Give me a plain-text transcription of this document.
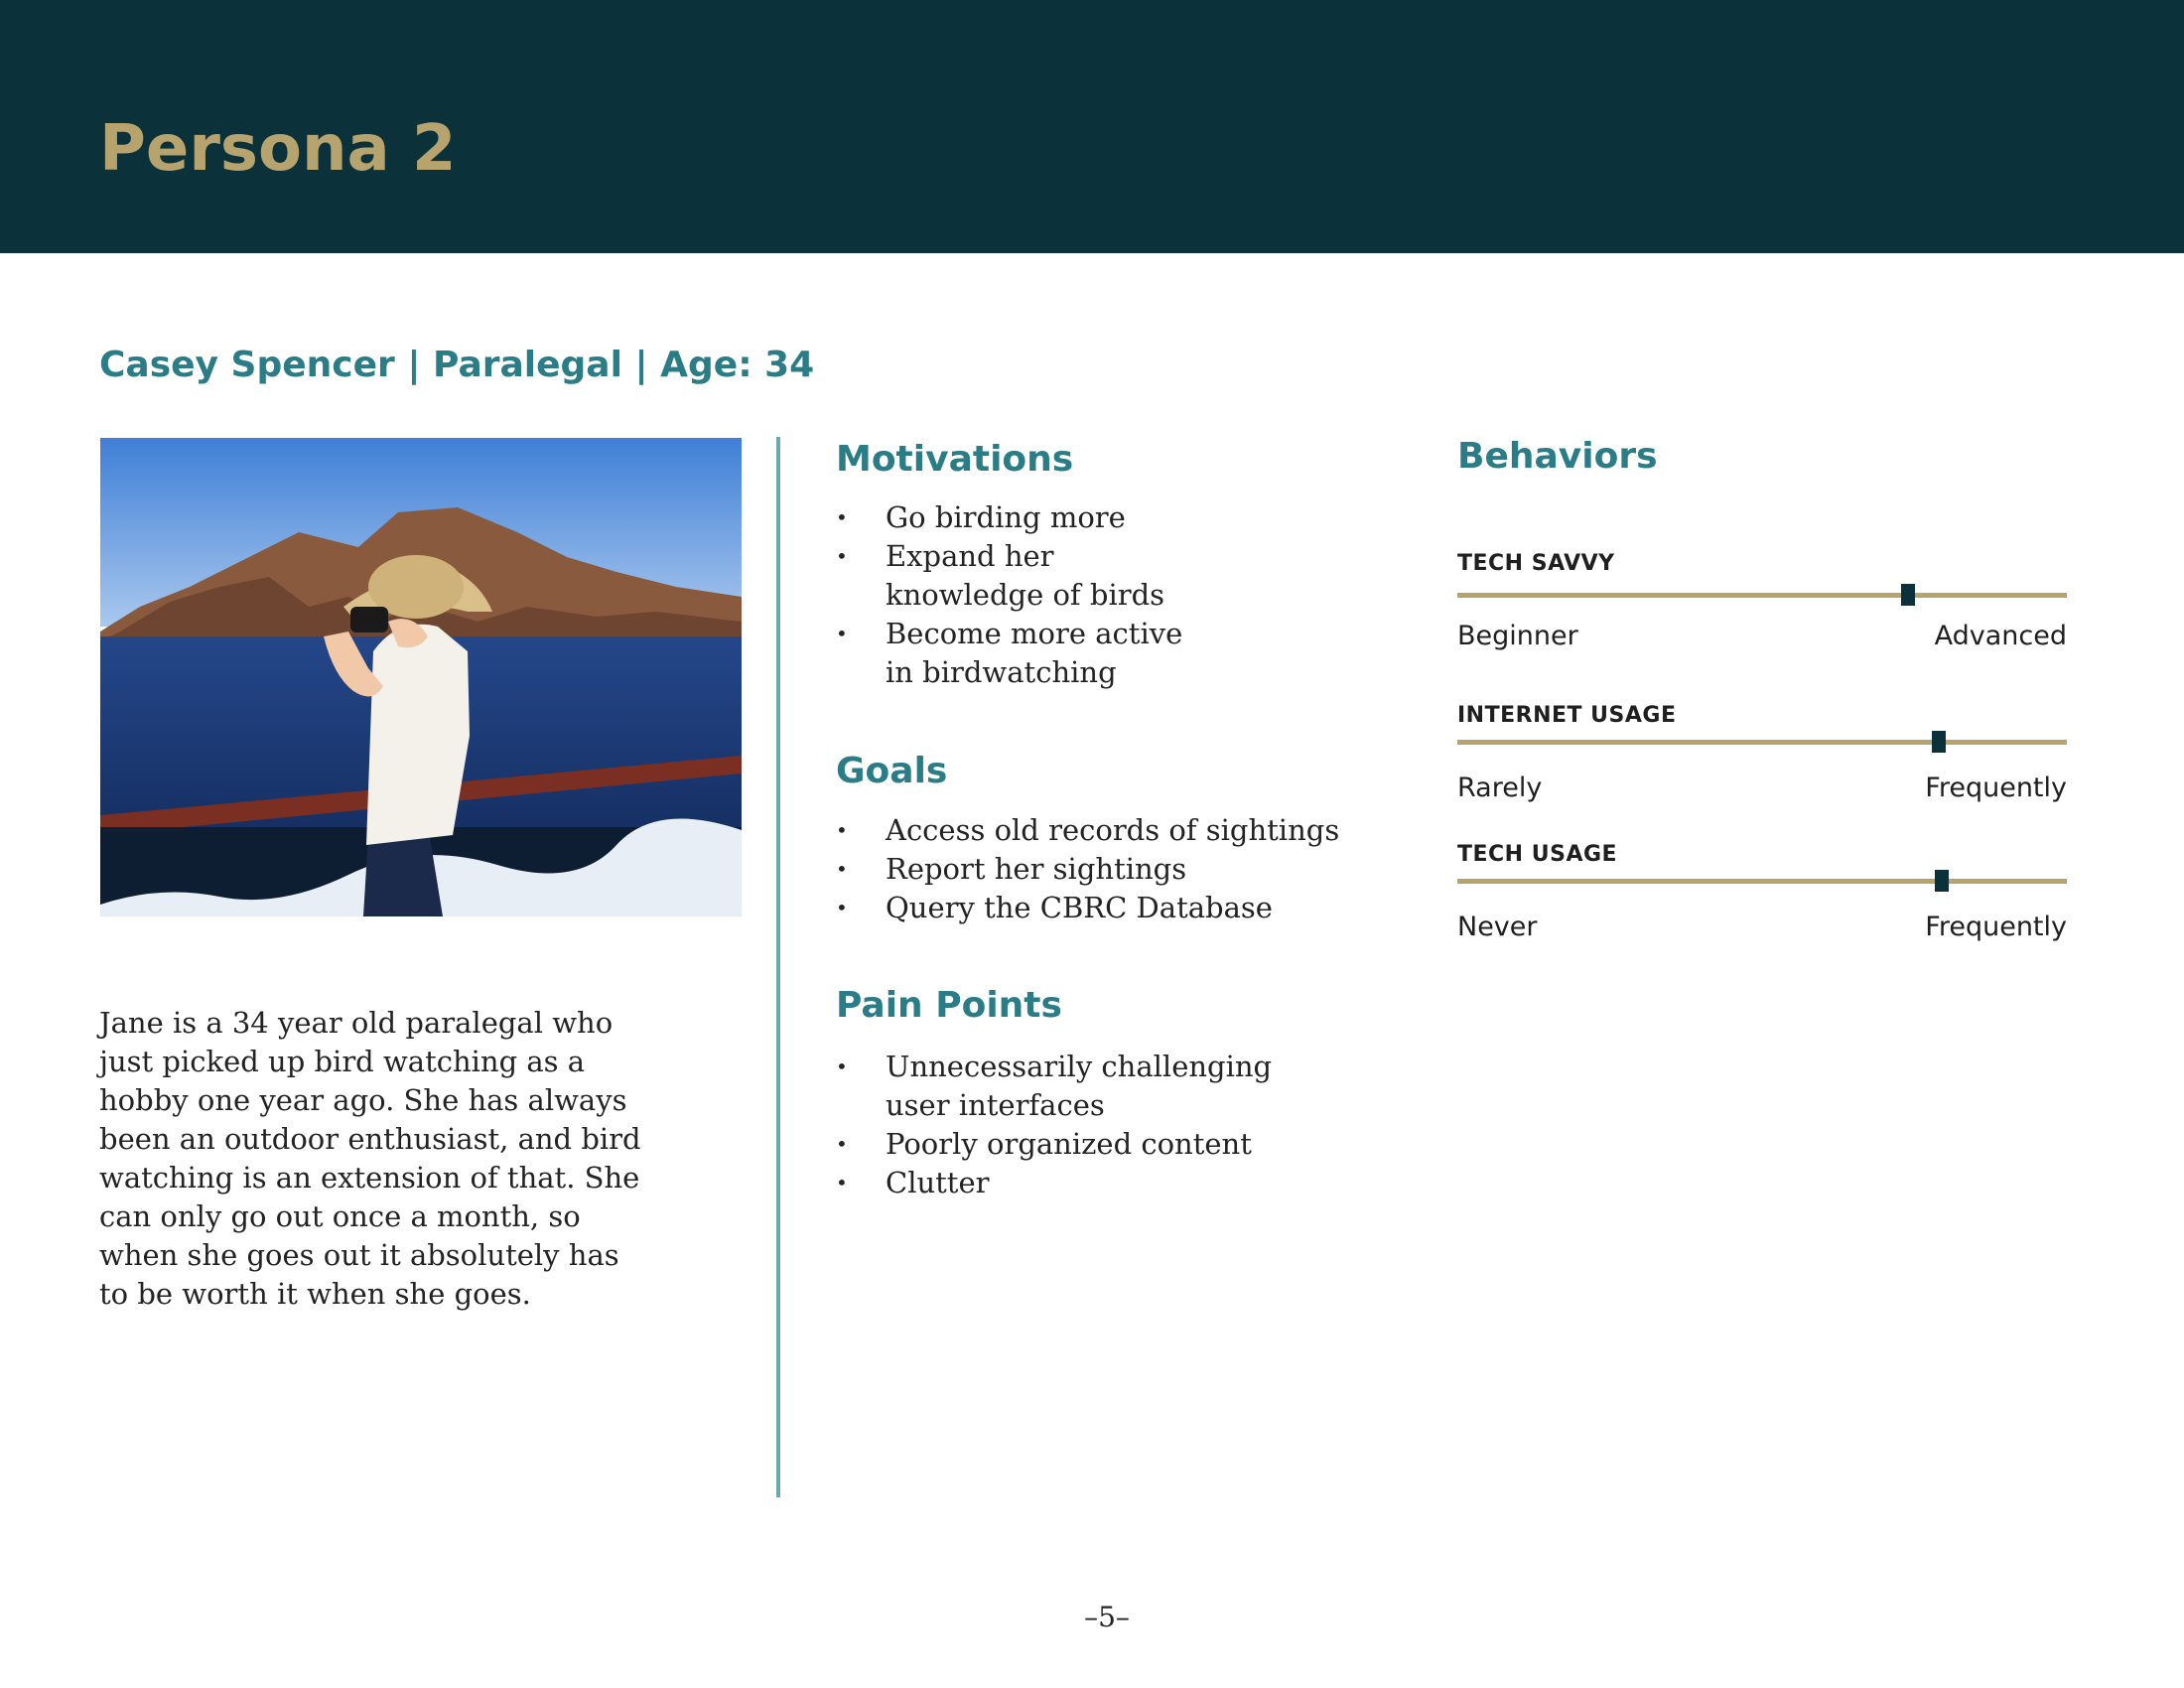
Persona 2
Casey Spencer | Paralegal | Age: 34

Jane is a 34 year old paralegal who just picked up bird watching as a hobby one year ago. She has always been an outdoor enthusiast, and bird watching is an extension of that. She can only go out once a month, so when she goes out it absolutely has to be worth it when she goes.

Motivations
• Go birding more
• Expand her knowledge of birds
• Become more active in birdwatching
Goals
• Access old records of sightings
• Report her sightings
• Query the CBRC Database
Pain Points
• Unnecessarily challenging user interfaces
• Poorly organized content
• Clutter
Behaviors
TECH SAVVY
Beginner	Advanced
INTERNET USAGE
Rarely	Frequently
TECH USAGE
Never	Frequently
–5–
